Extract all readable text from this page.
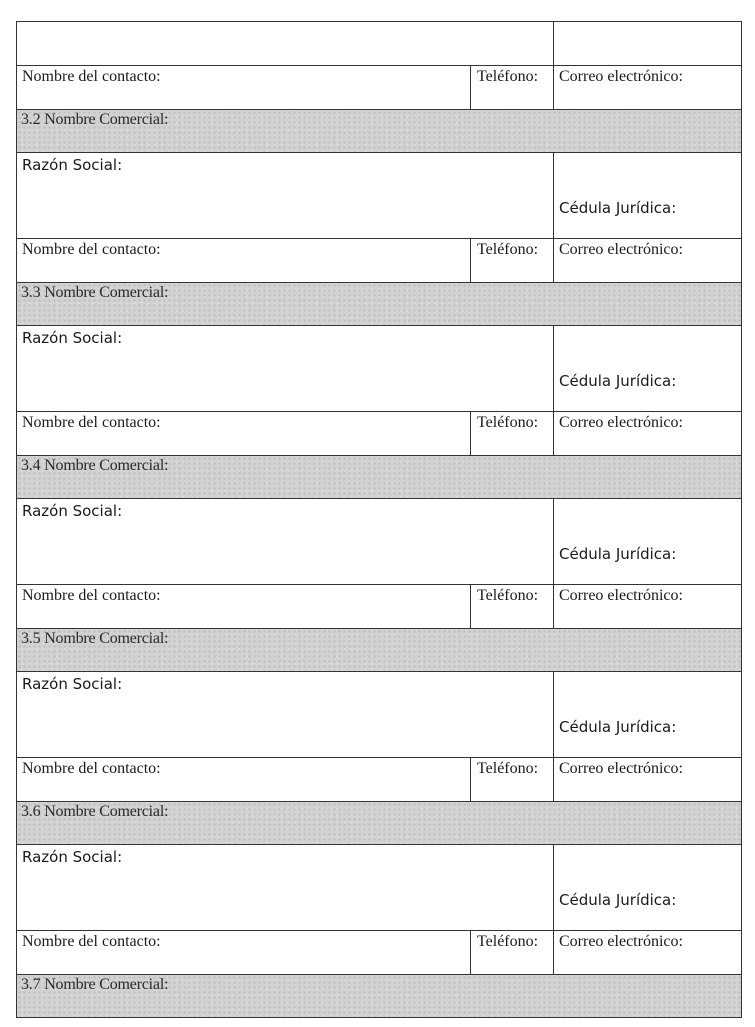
Nombre del contacto:	Teléfono:	Correo electrónico:
3.2 Nombre Comercial:
Razón Social:
Cédula Jurídica:
Nombre del contacto:	Teléfono:	Correo electrónico:
3.3 Nombre Comercial:
Razón Social:
Cédula Jurídica:
Nombre del contacto:	Teléfono:	Correo electrónico:
3.4 Nombre Comercial:
Razón Social:
Cédula Jurídica:
Nombre del contacto:	Teléfono:	Correo electrónico:
3.5 Nombre Comercial:
Razón Social:
Cédula Jurídica:
Nombre del contacto:	Teléfono:	Correo electrónico:
3.6 Nombre Comercial:
Razón Social:
Cédula Jurídica:
Nombre del contacto:	Teléfono:	Correo electrónico:
3.7 Nombre Comercial:
